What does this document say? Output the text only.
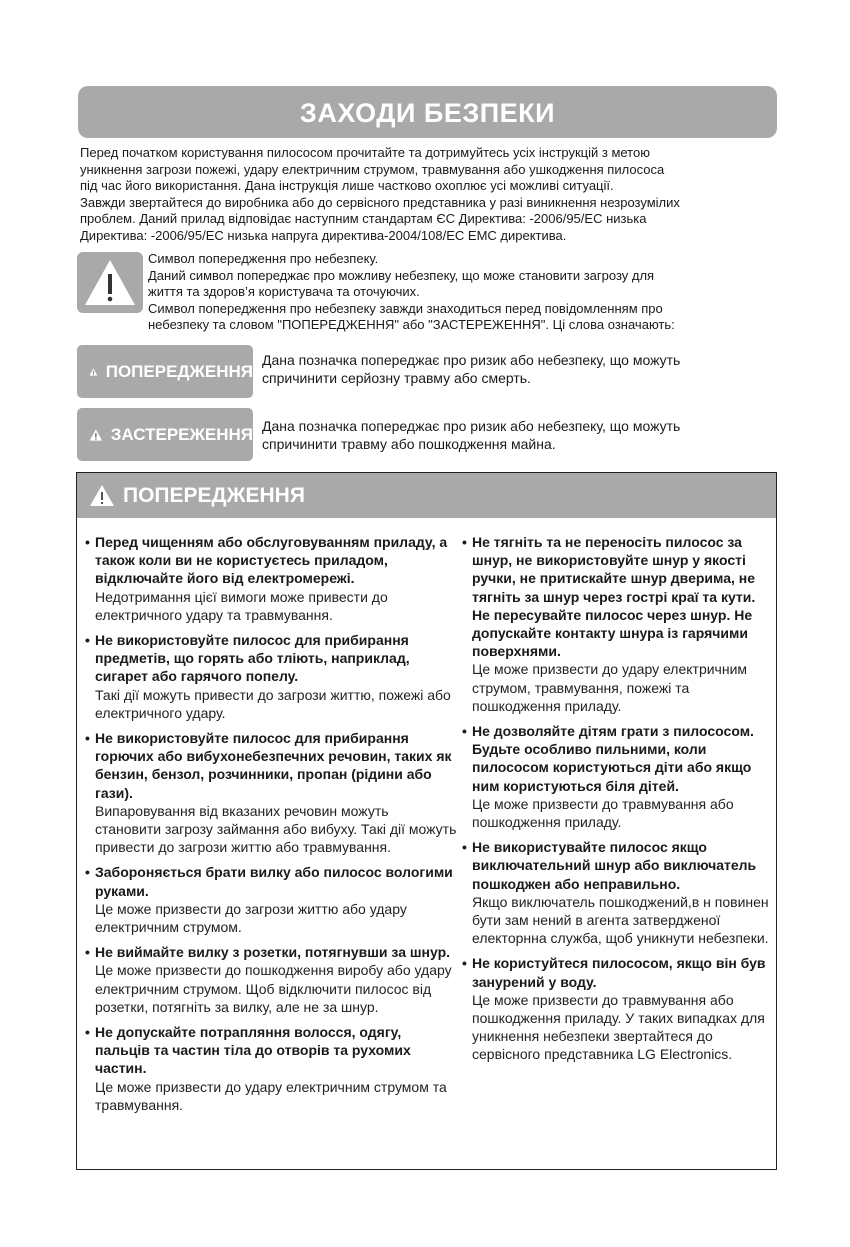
ЗАХОДИ БЕЗПЕКИ

Перед початком користування пилососом прочитайте та дотримуйтесь усіх інструкцій з метою

уникнення загрози пожежі, удару електричним струмом, травмування або ушкодження пилососа

під час його використання. Дана інструкція лише частково охоплює усі можливі ситуації.

Завжди звертайтеся до виробника або до сервісного представника у разі виникнення незрозумілих

проблем. Даний прилад відповідає наступним стандартам ЄС Директива: -2006/95/EC низька

Директива: -2006/95/EC низька напруга директива-2004/108/EC EMC директива.

Символ попередження про небезпеку.

Даний символ попереджає про можливу небезпеку, що може становити загрозу для

життя та здоров’я користувача та оточуючих.

Символ попередження про небезпеку завжди знаходиться перед повідомленням про

небезпеку та словом "ПОПЕРЕДЖЕННЯ" або "ЗАСТЕРЕЖЕННЯ". Ці слова означають:

ПОПЕРЕДЖЕННЯ

Дана позначка попереджає про ризик або небезпеку, що можуть

спричинити серйозну травму або смерть.

ЗАСТЕРЕЖЕННЯ Дана позначка попереджає про ризик або небезпеку, що можуть

спричинити травму або пошкодження майна.

ПОПЕРЕДЖЕННЯ
• Перед чищенням або обслуговуванням приладу, а також коли ви не користуєтесь приладом, відключайте його від електромережі.
Недотримання цієї вимоги може привести до електричного удару та травмування.
• Не використовуйте пилосос для прибирання предметів, що горять або тліють, наприклад, сигарет або гарячого попелу.
Такі дії можуть привести до загрози життю, пожежі або електричного удару.
• Не використовуйте пилосос для прибирання горючих або вибухонебезпечних речовин, таких як бензин, бензол, розчинники, пропан (рідини або гази).
Випаровування від вказаних речовин можуть становити загрозу займання або вибуху. Такі дії можуть привести до загрози життю або травмування.
• Забороняється брати вилку або пилосос вологими руками.
Це може призвести до загрози життю або удару електричним струмом.
• Не виймайте вилку з розетки, потягнувши за шнур.
Це може призвести до пошкодження виробу або удару електричним струмом. Щоб відключити пилосос від розетки, потягніть за вилку, але не за шнур.
• Не допускайте потрапляння волосся, одягу, пальців та частин тіла до отворів та рухомих частин.
Це може призвести до удару електричним струмом та травмування.
• Не тягніть та не переносіть пилосос за шнур, не використовуйте шнур у якості ручки, не притискайте шнур дверима, не тягніть за шнур через гострі краї та кути. Не пересувайте пилосос через шнур. Не допускайте контакту шнура із гарячими поверхнями.
Це може призвести до удару електричним струмом, травмування, пожежі та пошкодження приладу.
• Не дозволяйте дітям грати з пилососом. Будьте особливо пильними, коли пилососом користуються діти або якщо ним користуються біля дітей.
Це може призвести до травмування або пошкодження приладу.
• Не використувайте пилосос якщо виключательний шнур або виключатель пошкоджен або неправильно.
Якщо виключатель пошкоджений,в н повинен бути зам нений в агента затвердженої електорнна служба, щоб уникнути небезпеки.
• Не користуйтеся пилососом, якщо він був занурений у воду.
Це може призвести до травмування або пошкодження приладу. У таких випадках для уникнення небезпеки звертайтеся до сервісного представника LG Electronics.
